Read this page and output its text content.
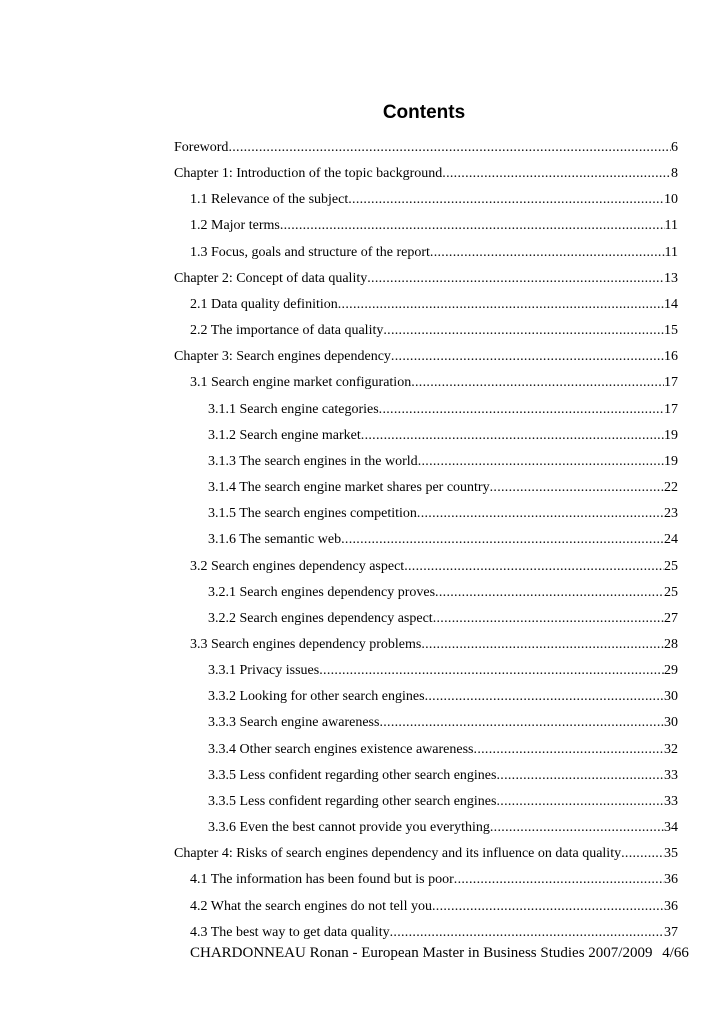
Contents
Foreword .....	6
Chapter 1: Introduction of the topic background .....	8
1.1 Relevance of the subject .....	10
1.2 Major terms .....	11
1.3 Focus, goals and structure of the report .....	11
Chapter 2: Concept of data quality .....	13
2.1 Data quality definition .....	14
2.2 The importance of data quality .....	15
Chapter 3: Search engines dependency .....	16
3.1 Search engine market configuration .....	17
3.1.1 Search engine categories .....	17
3.1.2 Search engine market .....	19
3.1.3 The search engines in the world .....	19
3.1.4 The search engine market shares per country .....	22
3.1.5 The search engines competition .....	23
3.1.6 The semantic web .....	24
3.2 Search engines dependency aspect .....	25
3.2.1 Search engines dependency proves .....	25
3.2.2 Search engines dependency aspect .....	27
3.3 Search engines dependency problems .....	28
3.3.1 Privacy issues .....	29
3.3.2 Looking for other search engines .....	30
3.3.3 Search engine awareness .....	30
3.3.4 Other search engines existence awareness .....	32
3.3.5 Less confident regarding other search engines .....	33
3.3.5 Less confident regarding other search engines .....	33
3.3.6 Even the best cannot provide you everything .....	34
Chapter 4: Risks of search engines dependency and its influence on data quality .....	35
4.1 The information has been found but is poor .....	36
4.2 What the search engines do not tell you .....	36
4.3 The best way to get data quality .....	37
CHARDONNEAU Ronan - European Master in Business Studies 2007/2009 4/66
